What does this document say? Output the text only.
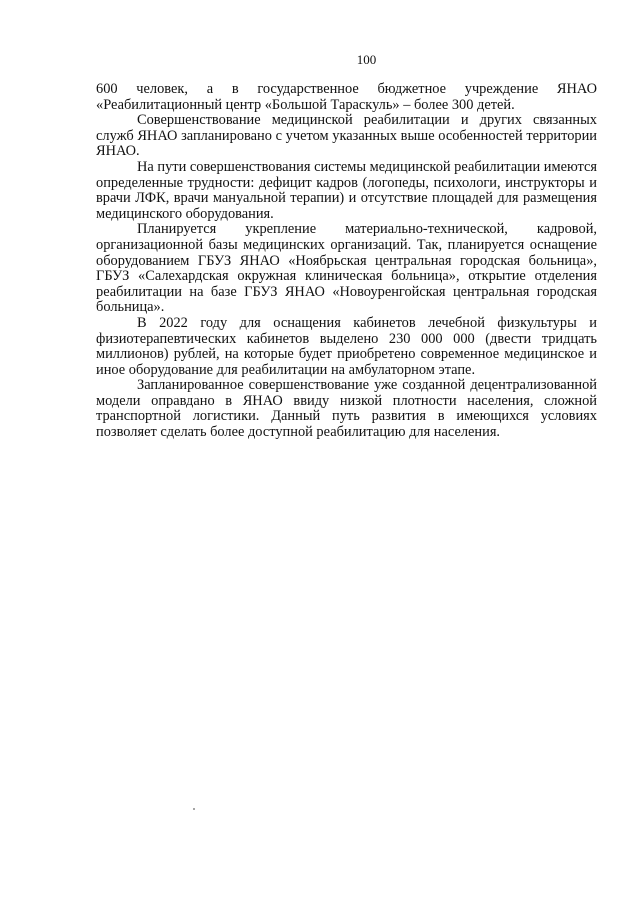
100

600 человек, а в государственное бюджетное учреждение ЯНАО «Реабилитационный центр «Большой Тараскуль» – более 300 детей.

Совершенствование медицинской реабилитации и других связанных служб ЯНАО запланировано с учетом указанных выше особенностей территории ЯНАО.

На пути совершенствования системы медицинской реабилитации имеются определенные трудности: дефицит кадров (логопеды, психологи, инструкторы и врачи ЛФК, врачи мануальной терапии) и отсутствие площадей для размещения медицинского оборудования.

Планируется укрепление материально-технической, кадровой, организационной базы медицинских организаций. Так, планируется оснащение оборудованием ГБУЗ ЯНАО «Ноябрьская центральная городская больница», ГБУЗ «Салехардская окружная клиническая больница», открытие отделения реабилитации на базе ГБУЗ ЯНАО «Новоуренгойская центральная городская больница».

В 2022 году для оснащения кабинетов лечебной физкультуры и физиотерапевтических кабинетов выделено 230 000 000 (двести тридцать миллионов) рублей, на которые будет приобретено современное медицинское и иное оборудование для реабилитации на амбулаторном этапе.

Запланированное совершенствование уже созданной децентрализованной модели оправдано в ЯНАО ввиду низкой плотности населения, сложной транспортной логистики. Данный путь развития в имеющихся условиях позволяет сделать более доступной реабилитацию для населения.
